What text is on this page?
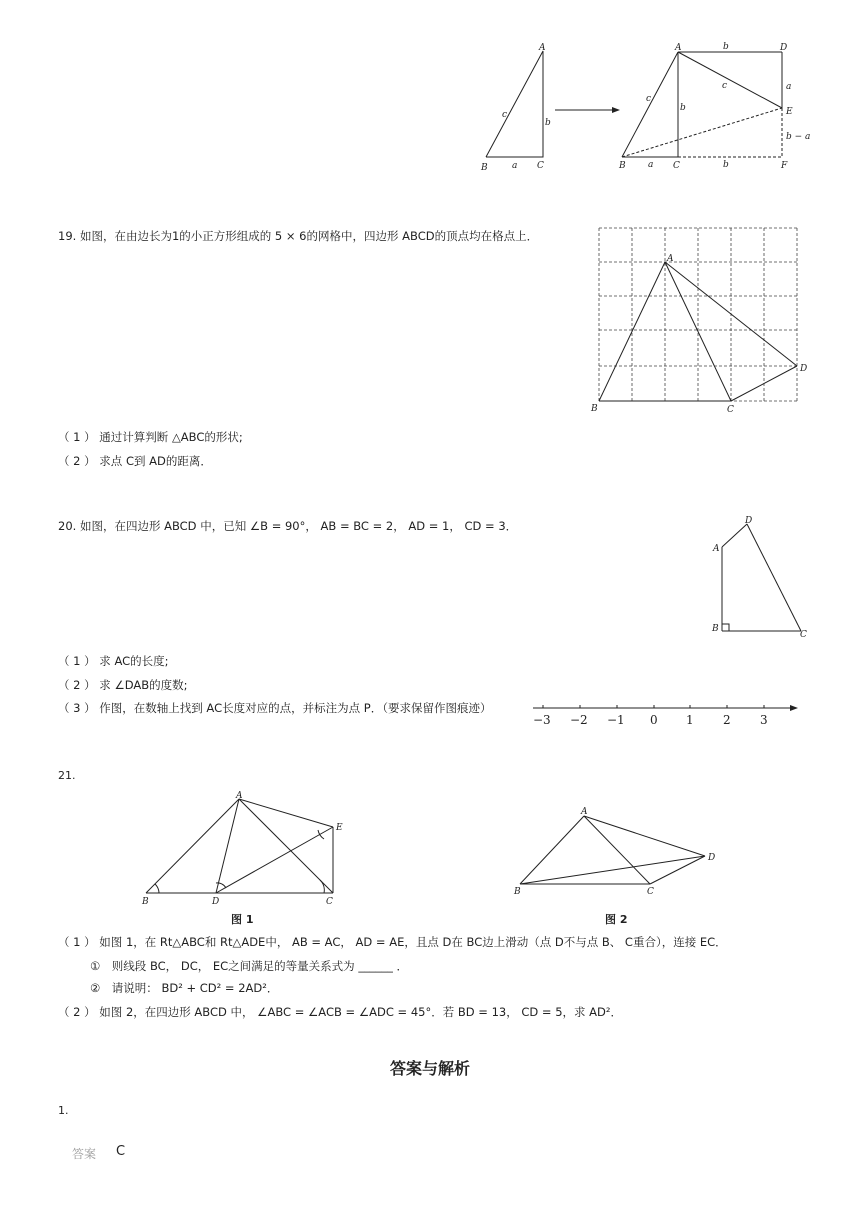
A
B	C
a
b
c
A	D
E
F
B	C
a	b
b
b
a
c
c
b − a
19. 如图，在由边长为1的小正方形组成的 5 × 6的网格中，四边形 ABCD的顶点均在格点上．
A
B	C
D
（ 1 ） 通过计算判断 △ABC的形状;
（ 2 ） 求点 C到 AD的距离．
20. 如图，在四边形 ABCD 中，已知 ∠B = 90°， AB = BC = 2， AD = 1， CD = 3．
A
B
C
D
（ 1 ） 求 AC的长度;
（ 2 ） 求 ∠DAB的度数;
（ 3 ） 作图，在数轴上找到 AC长度对应的点，并标注为点 P．（要求保留作图痕迹）
−3 −2 −1 0 1 2 3
21.
A
B	D	C
E
A
B	C
D
图 1	图 2
（ 1 ） 如图 1，在 Rt△ABC和 Rt△ADE中， AB = AC， AD = AE，且点 D在 BC边上滑动（点 D不与点 B、 C重合），连接 EC．
①　则线段 BC， DC， EC之间满足的等量关系式为 ______ ．
②　请说明： BD² + CD² = 2AD²．
（ 2 ） 如图 2，在四边形 ABCD 中， ∠ABC = ∠ACB = ∠ADC = 45°．若 BD = 13， CD = 5，求 AD²．
答案与解析
1.
答案 C
